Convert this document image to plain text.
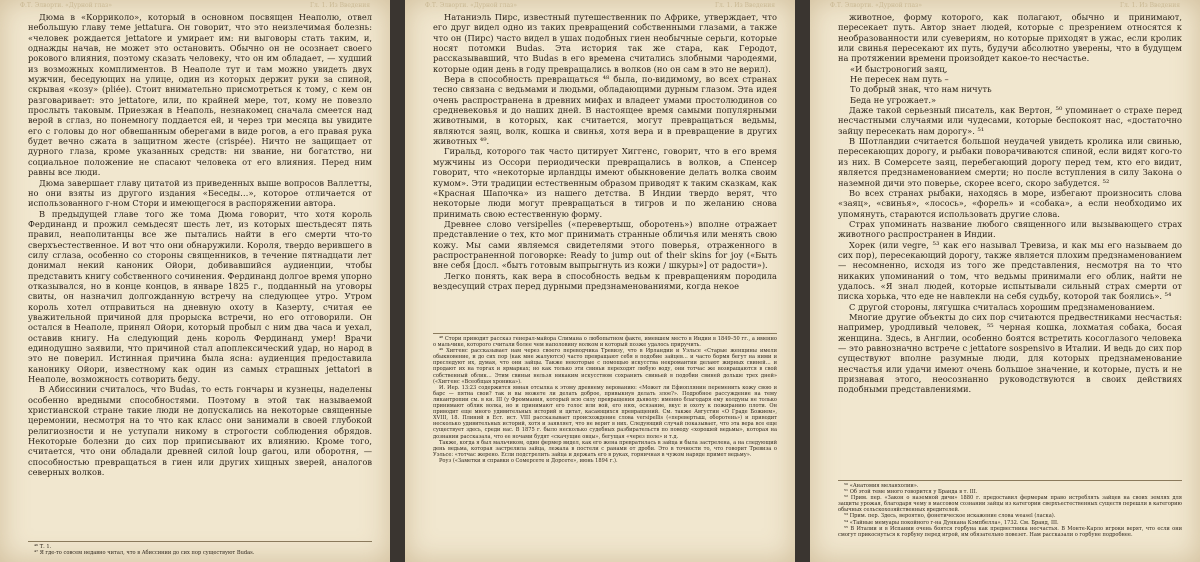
Ф.Т. Элворти. «Дурной глаз»	Гл. 1. Из Введения

Дюма в «Корриколо», который в основном посвящен Неаполю, отвел небольшую главу теме jettatura. Он говорит, что это неизлечимая болезнь: «человек рождается jettatore и умирает им: ни выговоры стать таким, и, однажды начав, не может это остановить. Обычно он не осознает своего рокового влияния, поэтому сказать человеку, что он им обладает, — худший из возможных комплиментов. В Неаполе тут и там можно увидеть двух мужчин, беседующих на улице, один из которых держит руки за спиной, скрывая «козу» (pliée). Стоит внимательно присмотреться к тому, с кем он разговаривает: это jettatore, или, по крайней мере, тот, кому не повезло прослыть таковым. Приезжая в Неаполь, незнакомец сначала смеется над верой в сглаз, но понемногу поддается ей, и через три месяца вы увидите его с головы до ног обвешанным оберегами в виде рогов, а его правая рука будет вечно сжата в защитном жесте (crispée). Ничто не защищает от дурного глаза, кроме указанных средств: ни звание, ни богатство, ни социальное положение не спасают человека от его влияния. Перед ним равны все люди.

Дюма завершает главу цитатой из приведенных выше вопросов Валлетты, но они взяты из другого издания «Беседы…», которое отличается от использованного г-ном Стори и имеющегося в распоряжении автора.

В предыдущей главе того же тома Дюма говорит, что хотя король Фердинанд и прожил семьдесят шесть лет, из которых шестьдесят пять правил, неаполитанцы все же пытались найти в его смерти что-то сверхъестественное. И вот что они обнаружили. Короля, твердо верившего в силу сглаза, особенно со стороны священников, в течение пятнадцати лет донимал некий каноник Ойори, добивавшийся аудиенции, чтобы представить книгу собственного сочинения. Фердинанд долгое время упорно отказывался, но в конце концов, в январе 1825 г., подданный на уговоры свиты, он назначил долгожданную встречу на следующее утро. Утром король хотел отправиться на дневную охоту в Казерту, считая ее уважительной причиной для прорыска встречи, но его отговорили. Он остался в Неаполе, принял Ойори, который пробыл с ним два часа и уехал, оставив книгу. На следующий день король Фердинанд умер! Врачи единодушно заявили, что причиной стал апоплексический удар, но народ в это не поверил. Истинная причина была ясна: аудиенция предоставила канонику Ойори, известному как один из самых страшных jettatori в Неаполе, возможность сотворить беду.

В Абиссинии считалось, что Budas, то есть гончары и кузнецы, наделены особенно вредными способностями. Поэтому в этой так называемой христианской стране такие люди не допускались на некоторые священные церемонии, несмотря на то что как класс они занимали в своей глубокой религиозности и не уступали никому в строгости соблюдения обрядов. Некоторые болезни до сих пор приписывают их влиянию. Кроме того, считается, что они обладали древней силой loup garou, или оборотня, — способностью превращаться в гиен или других хищных зверей, аналогов северных волков.

⁴⁶ Т. 1.

⁴⁷ Я где-то совсем недавно читал, что в Абиссинии до сих пор существуют Budas.

Ф.Т. Элворти. «Дурной глаз»	Гл. 1. Из Введения

Натаниэль Пирс, известный путешественник по Африке, утверждает, что его друг видел одно из таких превращений собственными глазами, а также что он (Пирс) часто видел в ушах подобных гиен необычные серьги, которые носят потомки Budas. Эта история так же стара, как Геродот, рассказывавший, что Budas в его времена считались злобными чародеями, которые один день в году превращались в волков (но он сам в это не верил).

Вера в способность превращаться ⁴⁸ была, по-видимому, во всех странах тесно связана с ведьмами и людьми, обладающими дурным глазом. Эта идея очень распространена в древних мифах и владеет умами простолюдинов со средневековья и до наших дней. В настоящее время самыми популярными животными, в которых, как считается, могут превращаться ведьмы, являются заяц, волк, кошка и свинья, хотя вера и в превращение в других животных ⁴⁹.

Гиральд, которого так часто цитирует Хиггенс, говорит, что в его время мужчины из Оссори периодически превращались в волков, а Спенсер говорит, что «некоторые ирландцы имеют обыкновение делать волка своим кумом». Эти традиции естественным образом приводят к таким сказкам, как «Красная Шапочка» из нашего детства. В Индии твердо верят, что некоторые люди могут превращаться в тигров и по желанию снова принимать свою естественную форму.

Древнее слово versipelles («перевертыш, оборотень») вполне отражает представление о тех, кто мог принимать странные обличья или менять свою кожу. Мы сами являемся свидетелями этого поверья, отраженного в распространенной поговорке: Ready to jump out of their skins for joy («Быть вне себя [досл. «быть готовым выпрыгнуть из кожи / шкуры»] от радости»).

Легко понять, как вера в способность ведьм к превращениям породила вездесущий страх перед дурными предзнаменованиями, когда некое

⁴⁸ Стори приводит рассказ генерал-майора Слимана о любопытном факте, имевшем место в Индии в 1849–50 гг., а именно о мальчике, которого считали более чем наполовину волком и который позже удалось приручить.

⁴⁹ Хиггенс рассказывает нам через своего переводчика Тревизу, что в Ирландии и Уэльсе «Старые женщины имели обыкновение, и до сих пор (как мне жалуются) часто превращают себя в подобие зайцев… и часто бормя бегут на ними и преследуют их, думая, что они зайцы. Также некоторые с помощью искусства некромантии делают жирных свиней… и продают их на торгах и ярмарках; но как только эти свиньи переходят любую воду, они тотчас же возвращаются в свой собственный облик… Этим свиньи нельзя никаким искусством сохранить свиньей в подобии свиней дольше трех дней» («Хиггенс «Всеобщая хроника»).

И. Иер. 13:23 содержится явная отсылка к этому древнему верованию: «Может ли Ефиоплянин переменить кожу свою и барс — пятна свои? так и вы можете ли делать доброе, привыкнув делать злое?». Подробное рассуждение на тему ликантропии см. в кн. III (у Фроммания, который всю силу превращения дьяволу: именно благодаря ему колдуны не только принимают облик волка, но и принимают его голос или вой, его нюх, осязание, вкус и охоту к пожиранию плоти. Он приводит еще много удивительных историй и цитат, касающихся превращений. См. также Августин «О Граде Божием», XVIII, 18. Плиний в Ест. ист. VIII рассказывает происхождение слова versipellis («перевертыш, оборотень») и приводит несколько удивительных историй, хотя и заявляет, что не верит в них. Следующий случай показывает, что эта вера все еще существует здесь, среди нас. В 1875 г. было несколько судебных разбирательств по поводу «хорошей ведьмы», которая на дознании рассказала, что ее ночами будят «скачущие овцы», бегущая «через поле» и т.д.

Также, когда я был мальчиком, один фермер видел, как его жена превратилась в зайца и была застрелена, а на следующий день ведьма, которая застрелила зайца, лежала в постели с ранами от дроби. Это в точности то, что говорит Тревиза о Уэльсе: «тотчас жерено. Если подстрелить зайца и держать его в руках, горничная в чужом наряде примет ведьму».

Роуз («Заметки и справки о Сомерсете и Дорсете», июнь 1894 г.).

Ф.Т. Элворти. «Дурной глаз»	Гл. 1. Из Введения

животное, форму которого, как полагают, обычно и принимают, пересекает путь. Автор знает людей, которые с презрением относятся к необразованности или суевериям, но которые приходят в ужас, если кролик или свинья пересекают их путь, будучи абсолютно уверены, что в будущем на протяжении времени произойдет какое-то несчастье.

«И быстроногий заяц,

Не пересек нам путь –

То добрый знак, что нам ничуть

Беда не угрожает.»

Даже такой серьезный писатель, как Вертон, ⁵⁰ упоминает о страхе перед несчастными случаями или чудесами, которые беспокоят нас, «достаточно зайцу пересекать нам дорогу». ⁵¹

В Шотландии считается большой неудачей увидеть кролика или свинью, пересекающих дорогу, и рыбаки поворачиваются спиной, если видят кого-то из них. В Сомерсете заяц, перебегающий дорогу перед тем, кто его видит, является предзнаменованием смерти; но после вступления в силу Закона о наземной дичи это поверье, скорее всего, скоро забудется. ⁵²

Во всех странах рыбаки, находясь в море, избегают произносить слова «заяц», «свинья», «лосось», «форель» и «собака», а если необходимо их упомянуть, стараются использовать другие слова.

Страх упоминать название любого священного или вызывающего страх животного распространен в Индии.

Хорек (или vegre, ⁵³ как его называл Тревиза, и как мы его называем до сих пор), пересекающий дорогу, также является плохим предзнаменованием — несомненно, исходя из того же представления, несмотря на то что никаких упоминаний о том, что ведьмы принимали его облик, найти не удалось. «Я знал людей, которые испытывали сильный страх смерти от писка хорька, что еде не навлекли на себя судьбу, которой так боялись». ⁵⁴

С другой стороны, лягушка считалась хорошим предзнаменованием.

Многие другие объекты до сих пор считаются предвестниками несчастья: например, уродливый человек, ⁵⁵ черная кошка, лохматая собака, босая женщина. Здесь, в Англии, особенно боятся встретить косоглазого человека — это равнозначно встрече с jettatore sospensivo в Италии. И ведь до сих пор существуют вполне разумные люди, для которых предзнаменование несчастья или удачи имеют очень большое значение, и которые, пусть и не признавая этого, неосознанно руководствуются в своих действиях подобными представлениями.

⁵⁰ «Анатомия меланхолии».

⁵¹ Об этой теме много говорится у Бранда в т. III.

⁵² Прим. пер. «Закон о наземной дичи» 1880 г. предоставил фермерам право истреблять зайцев на своих землях для защиты урожая, благодаря чему в массовом сознании зайцы из категории сверхъестественных существ перешли в категорию обычных сельскохозяйственных вредителей.

⁵³ Прим. пер. Здесь, вероятно, фонетическое искажение слова weasel (ласка).

⁵⁴ «Тайные мемуары покойного г-на Дункана Кэмпбелла», 1732. См. Бранд, III.

⁵⁵ В Италии и в Испании очень боятся горбуна как предвестника несчастья. В Монте-Карло игроки верят, что если они смогут прикоснуться к горбуну перед игрой, им обязательно повезет. Нам рассказали о горбуне подробнее.
